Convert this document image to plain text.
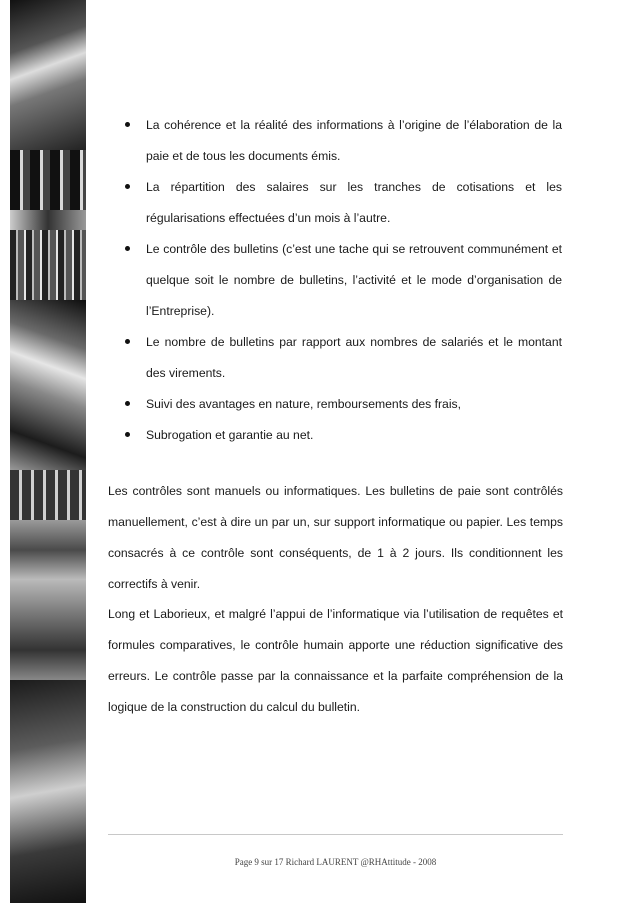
La cohérence et la réalité des informations à l’origine de l’élaboration de la paie et de tous les documents émis.
La répartition des salaires sur les tranches de cotisations et les régularisations effectuées d’un mois à l’autre.
Le contrôle des bulletins (c’est une tache qui se retrouvent communément et quelque soit le nombre de bulletins, l’activité et le mode d’organisation de l’Entreprise).
Le nombre de bulletins par rapport aux nombres de salariés et le montant des virements.
Suivi des avantages en nature, remboursements des frais,
Subrogation et garantie au net.

Les contrôles sont manuels ou informatiques. Les bulletins de paie sont contrôlés manuellement, c’est à dire un par un, sur support informatique ou papier. Les temps consacrés à ce contrôle sont conséquents, de 1 à 2 jours. Ils conditionnent les correctifs à venir.

Long et Laborieux, et malgré l’appui de l’informatique via l’utilisation de requêtes et formules comparatives, le contrôle humain apporte une réduction significative des erreurs. Le contrôle passe par la connaissance et la parfaite compréhension de la logique de la construction du calcul du bulletin.

Page 9 sur 17 Richard LAURENT @RHAttitude - 2008
